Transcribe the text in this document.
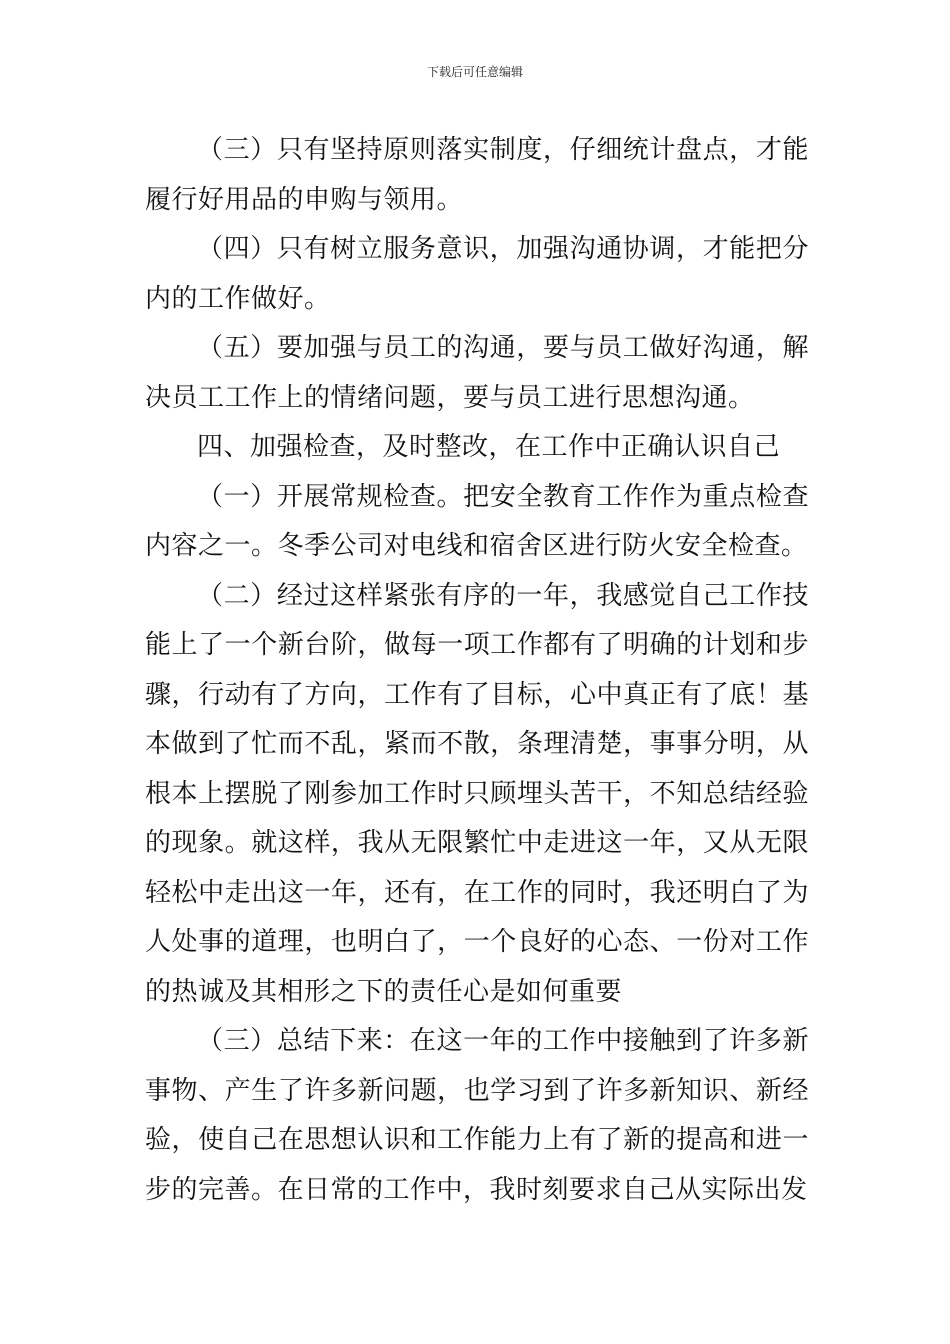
下载后可任意编辑

（三）只有坚持原则落实制度，仔细统计盘点，才能履行好用品的申购与领用。

（四）只有树立服务意识，加强沟通协调，才能把分内的工作做好。

（五）要加强与员工的沟通，要与员工做好沟通，解决员工工作上的情绪问题，要与员工进行思想沟通。

四、加强检查，及时整改，在工作中正确认识自己

（一）开展常规检查。把安全教育工作作为重点检查内容之一。冬季公司对电线和宿舍区进行防火安全检查。

（二）经过这样紧张有序的一年，我感觉自己工作技能上了一个新台阶，做每一项工作都有了明确的计划和步骤，行动有了方向，工作有了目标，心中真正有了底！基本做到了忙而不乱，紧而不散，条理清楚，事事分明，从根本上摆脱了刚参加工作时只顾埋头苦干，不知总结经验的现象。就这样，我从无限繁忙中走进这一年，又从无限轻松中走出这一年，还有，在工作的同时，我还明白了为人处事的道理，也明白了，一个良好的心态、一份对工作的热诚及其相形之下的责任心是如何重要

（三）总结下来：在这一年的工作中接触到了许多新事物、产生了许多新问题，也学习到了许多新知识、新经验，使自己在思想认识和工作能力上有了新的提高和进一步的完善。在日常的工作中，我时刻要求自己从实际出发
